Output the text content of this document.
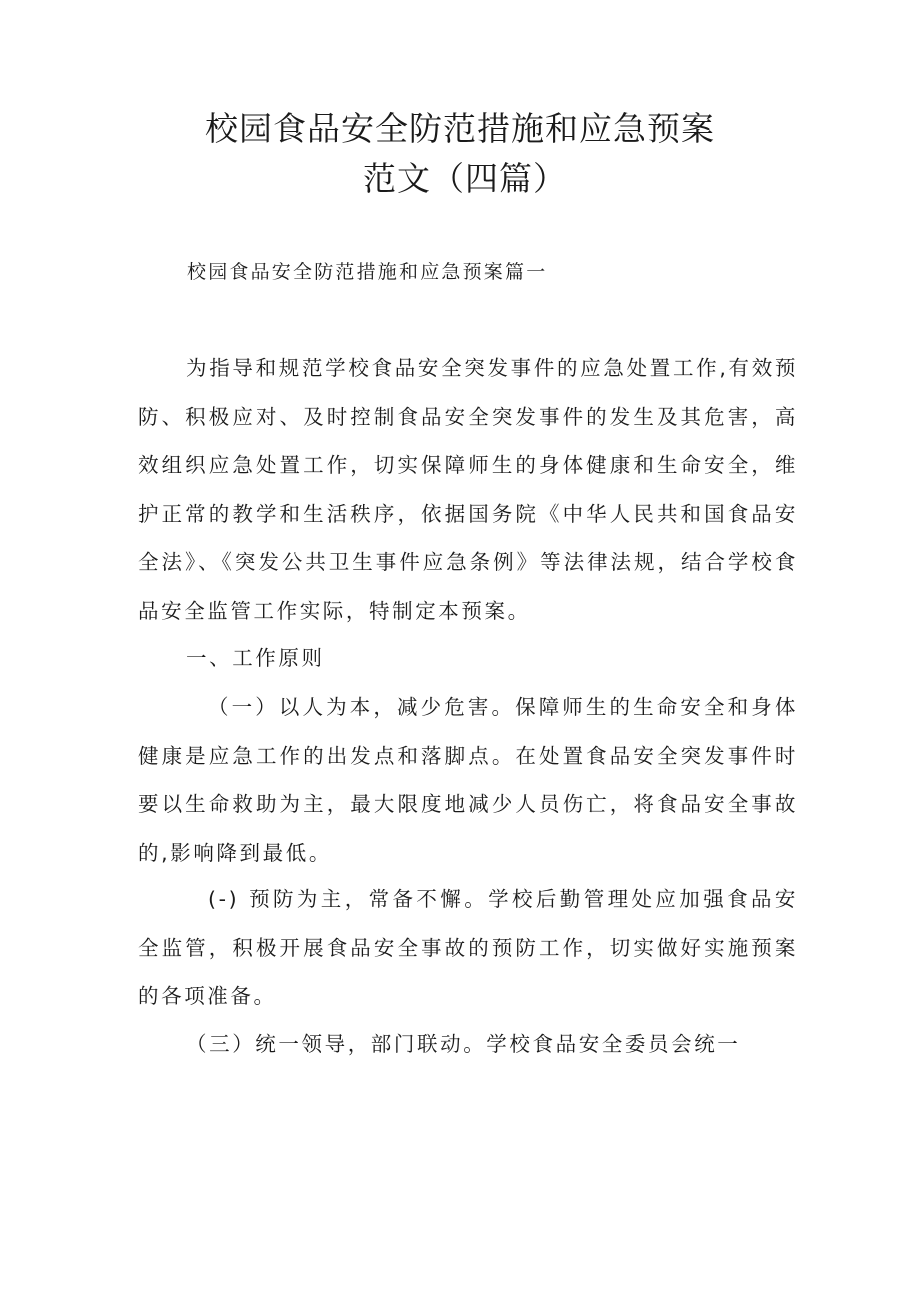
校园食品安全防范措施和应急预案
范文（四篇）
校园食品安全防范措施和应急预案篇一

为指导和规范学校食品安全突发事件的应急处置工作,有效预防、积极应对、及时控制食品安全突发事件的发生及其危害，高效组织应急处置工作，切实保障师生的身体健康和生命安全，维护正常的教学和生活秩序，依据国务院《中华人民共和国食品安全法》、《突发公共卫生事件应急条例》等法律法规，结合学校食品安全监管工作实际，特制定本预案。

一、工作原则

（一）以人为本，减少危害。保障师生的生命安全和身体健康是应急工作的出发点和落脚点。在处置食品安全突发事件时要以生命救助为主，最大限度地减少人员伤亡，将食品安全事故的,影响降到最低。

(-) 预防为主，常备不懈。学校后勤管理处应加强食品安全监管，积极开展食品安全事故的预防工作，切实做好实施预案的各项准备。

（三）统一领导，部门联动。学校食品安全委员会统一
